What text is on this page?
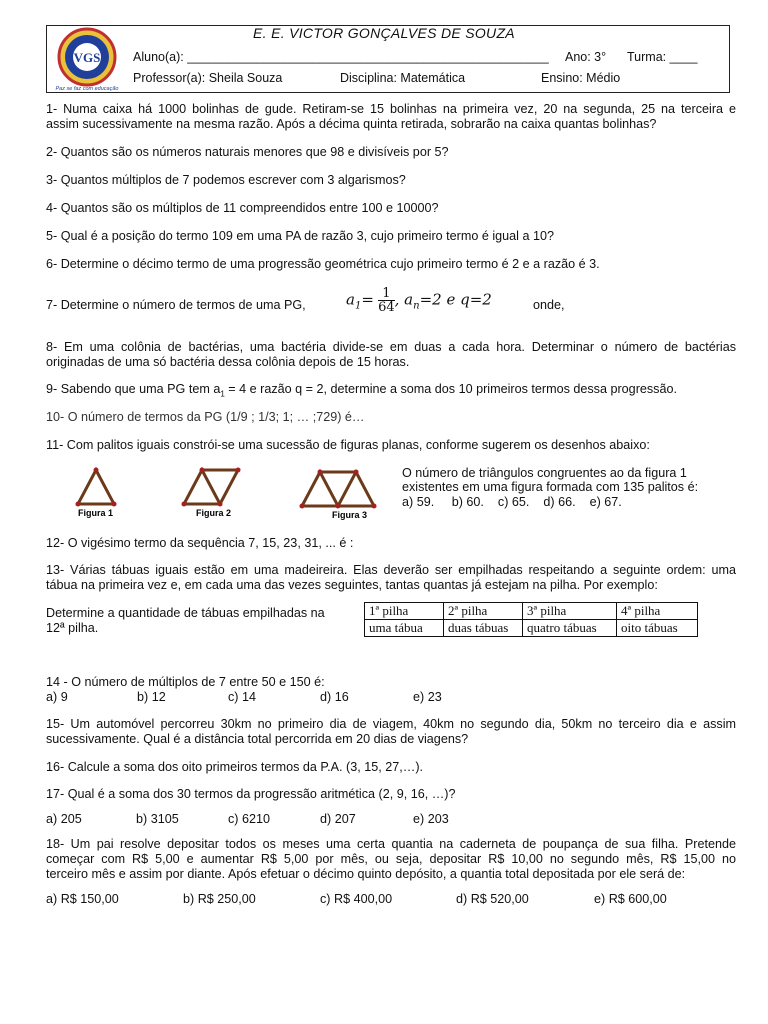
VGS
Paz se faz com educação
E. E. VICTOR GONÇALVES DE SOUZA
Aluno(a): ____________________________________________________ Ano: 3° Turma: ____
Professor(a): Sheila Souza	Disciplina: Matemática	Ensino: Médio
1- Numa caixa há 1000 bolinhas de gude. Retiram-se 15 bolinhas na primeira vez, 20 na segunda, 25 na terceira e
assim sucessivamente na mesma razão. Após a décima quinta retirada, sobrarão na caixa quantas bolinhas?
2- Quantos são os números naturais menores que 98 e divisíveis por 5?
3- Quantos múltiplos de 7 podemos escrever com 3 algarismos?
4- Quantos são os múltiplos de 11 compreendidos entre 100 e 10000?
5- Qual é a posição do termo 109 em uma PA de razão 3, cujo primeiro termo é igual a 10?
6- Determine o décimo termo de uma progressão geométrica cujo primeiro termo é 2 e a razão é 3.
7- Determine o número de termos de uma PG,	$a_1= \frac{1}{64}$ , $a_n=2$ e q=2	onde,
8- Em uma colônia de bactérias, uma bactéria divide-se em duas a cada hora. Determinar o número de bactérias
originadas de uma só bactéria dessa colônia depois de 15 horas.
9- Sabendo que uma PG tem $a_1 = 4$ e razão q = 2, determine a soma dos 10 primeiros termos dessa progressão.
10- O número de termos da PG (1/9 ; 1/3; 1; … ;729) é…
11- Com palitos iguais constrói-se uma sucessão de figuras planas, conforme sugerem os desenhos abaixo:
O número de triângulos congruentes ao da figura 1
existentes em uma figura formada com 135 palitos é:
a) 59.     b) 60.    c) 65.    d) 66.    e) 67.
Figura 1	Figura 2	Figura 3
12- O vigésimo termo da sequência 7, 15, 23, 31, ... é :
13- Várias tábuas iguais estão em uma madeireira. Elas deverão ser empilhadas respeitando a seguinte ordem: uma
tábua na primeira vez e, em cada uma das vezes seguintes, tantas quantas já estejam na pilha. Por exemplo:
Determine a quantidade de tábuas empilhadas na
12ª pilha.
1ª pilha	2ª pilha	3ª pilha	4ª pilha
uma tábua	duas tábuas	quatro tábuas	oito tábuas
14 - O número de múltiplos de 7 entre 50 e 150 é:
a) 9	b) 12	c) 14	d) 16	e) 23
15- Um automóvel percorreu 30km no primeiro dia de viagem, 40km no segundo dia, 50km no terceiro dia e assim
sucessivamente. Qual é a distância total percorrida em 20 dias de viagens?
16- Calcule a soma dos oito primeiros termos da P.A. (3, 15, 27,…).
17- Qual é a soma dos 30 termos da progressão aritmética (2, 9, 16, …)?
a) 205	b) 3105	c) 6210	d) 207	e) 203
18- Um pai resolve depositar todos os meses uma certa quantia na caderneta de poupança de sua filha. Pretende
começar com R$ 5,00 e aumentar R$ 5,00 por mês, ou seja, depositar R$ 10,00 no segundo mês, R$ 15,00 no
terceiro mês e assim por diante. Após efetuar o décimo quinto depósito, a quantia total depositada por ele será de:
a) R$ 150,00	b) R$ 250,00	c) R$ 400,00	d) R$ 520,00	e) R$ 600,00
